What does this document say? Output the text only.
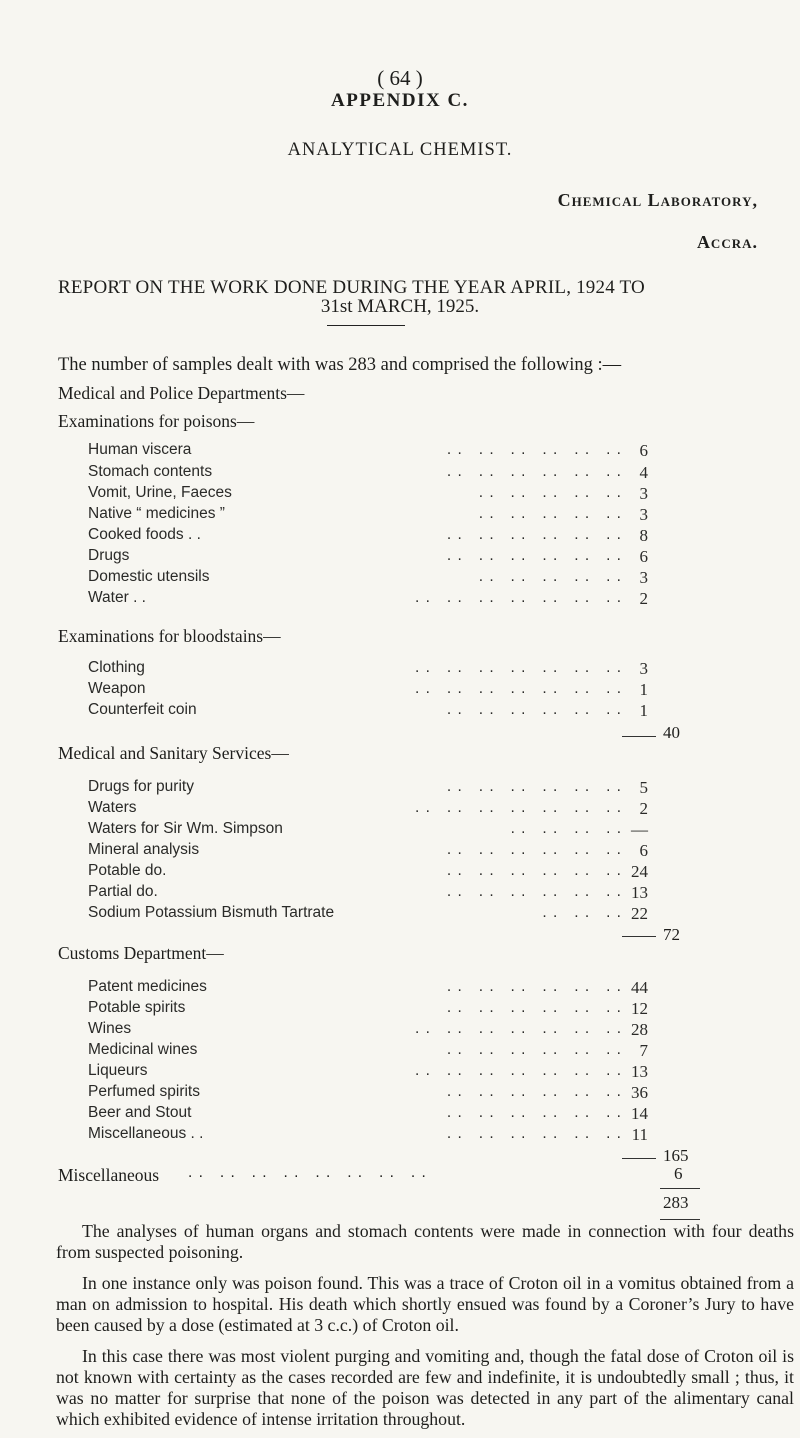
( 64 )
APPENDIX C.
ANALYTICAL CHEMIST.
Chemical Laboratory,
Accra.
REPORT ON THE WORK DONE DURING THE YEAR APRIL, 1924 TO
31st MARCH, 1925.
The number of samples dealt with was 283 and comprised the following :—
Medical and Police Departments—
Examinations for poisons—
Human viscera	. .   . .   . .   . .   . .   . .	6
Stomach contents	. .   . .   . .   . .   . .   . .	4
Vomit, Urine, Faeces	. .   . .   . .   . .   . .	3
Native “ medicines ”	. .   . .   . .   . .   . .	3
Cooked foods . .	. .   . .   . .   . .   . .   . .	8
Drugs	. .   . .   . .   . .   . .   . .	6
Domestic utensils	. .   . .   . .   . .   . .	3
Water . .	. .   . .   . .   . .   . .   . .   . .	2
Examinations for bloodstains—
Clothing	. .   . .   . .   . .   . .   . .   . .	3
Weapon	. .   . .   . .   . .   . .   . .   . .	1
Counterfeit coin	. .   . .   . .   . .   . .   . .	1
40
Medical and Sanitary Services—
Drugs for purity	. .   . .   . .   . .   . .   . .	5
Waters	. .   . .   . .   . .   . .   . .   . .	2
Waters for Sir Wm. Simpson	. .   . .   . .   . . —
Mineral analysis	. .   . .   . .   . .   . .   . .	6
Potable do.	. .   . .   . .   . .   . .   . . 24
Partial do.	. .   . .   . .   . .   . .   . . 13
Sodium Potassium Bismuth Tartrate	. .   . .   . . 22
72
Customs Department—
Patent medicines	. .   . .   . .   . .   . .   . . 44
Potable spirits	. .   . .   . .   . .   . .   . . 12
Wines	. .   . .   . .   . .   . .   . .   . . 28
Medicinal wines	. .   . .   . .   . .   . .   . .	7
Liqueurs	. .   . .   . .   . .   . .   . .   . . 13
Perfumed spirits	. .   . .   . .   . .   . .   . . 36
Beer and Stout	. .   . .   . .   . .   . .   . . 14
Miscellaneous . .	. .   . .   . .   . .   . .   . . 11
165
Miscellaneous . .   . .   . .   . .   . .   . .   . .   . .	6
283
The analyses of human organs and stomach contents were made in connection with four deaths from suspected poisoning.
In one instance only was poison found. This was a trace of Croton oil in a vomitus obtained from a man on admission to hospital. His death which shortly ensued was found by a Coroner’s Jury to have been caused by a dose (estimated at 3 c.c.) of Croton oil.
In this case there was most violent purging and vomiting and, though the fatal dose of Croton oil is not known with certainty as the cases recorded are few and indefinite, it is undoubtedly small ; thus, it was no matter for surprise that none of the poison was detected in any part of the alimentary canal which exhibited evidence of intense irritation throughout.
